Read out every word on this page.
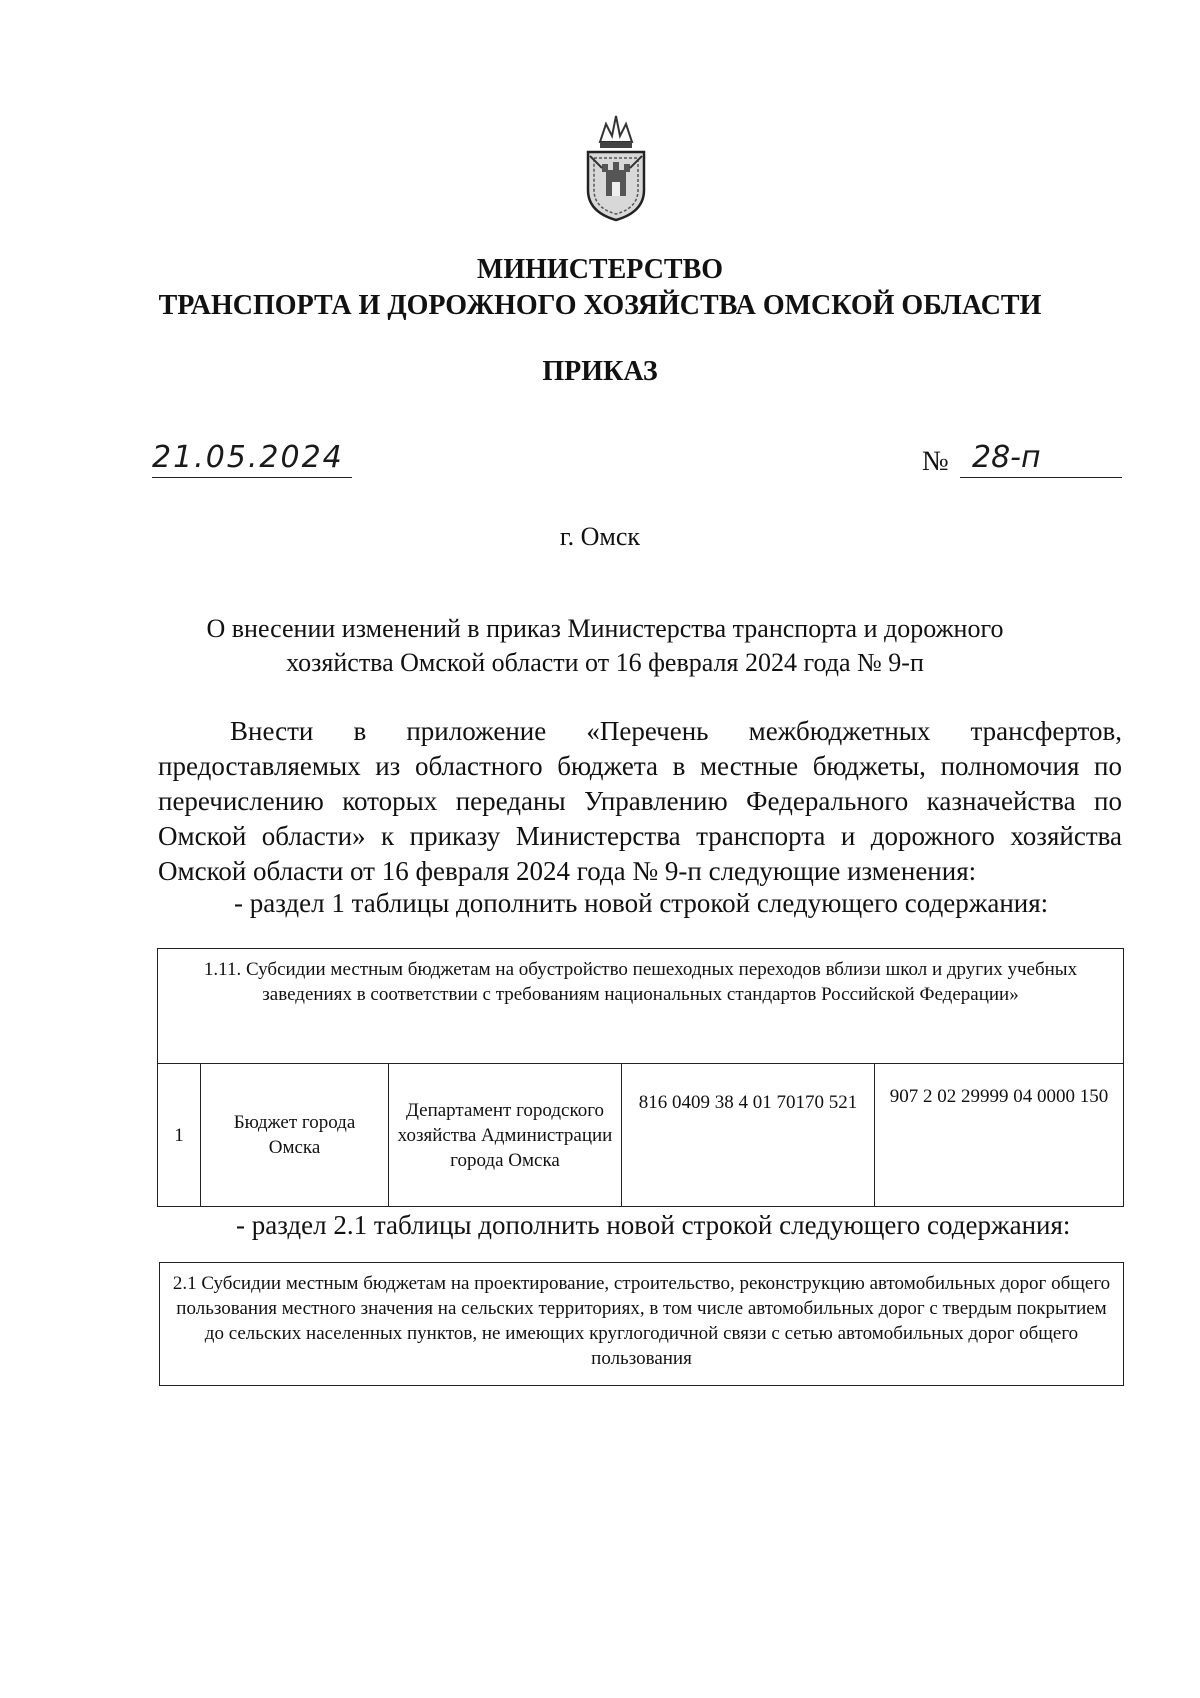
МИНИСТЕРСТВО
ТРАНСПОРТА И ДОРОЖНОГО ХОЗЯЙСТВА ОМСКОЙ ОБЛАСТИ
ПРИКАЗ
21.05.2024	№ 28-п
г. Омск
О внесении изменений в приказ Министерства транспорта и дорожного
хозяйства Омской области от 16 февраля 2024 года № 9-п
Внести в приложение «Перечень межбюджетных трансфертов, предоставляемых из областного бюджета в местные бюджеты, полномочия по перечислению которых переданы Управлению Федерального казначейства по Омской области» к приказу Министерства транспорта и дорожного хозяйства Омской области от 16 февраля 2024 года № 9-п следующие изменения:
- раздел 1 таблицы дополнить новой строкой следующего содержания:
1.11. Субсидии местным бюджетам на обустройство пешеходных переходов вблизи школ и других учебных заведениях в соответствии с требованиям национальных стандартов Российской Федерации»
1	Бюджет города Омска	Департамент городского хозяйства Администрации города Омска	816 0409 38 4 01 70170 521	907 2 02 29999 04 0000 150
- раздел 2.1 таблицы дополнить новой строкой следующего содержания:
2.1 Субсидии местным бюджетам на проектирование, строительство, реконструкцию автомобильных дорог общего пользования местного значения на сельских территориях, в том числе автомобильных дорог с твердым покрытием до сельских населенных пунктов, не имеющих круглогодичной связи с сетью автомобильных дорог общего пользования
